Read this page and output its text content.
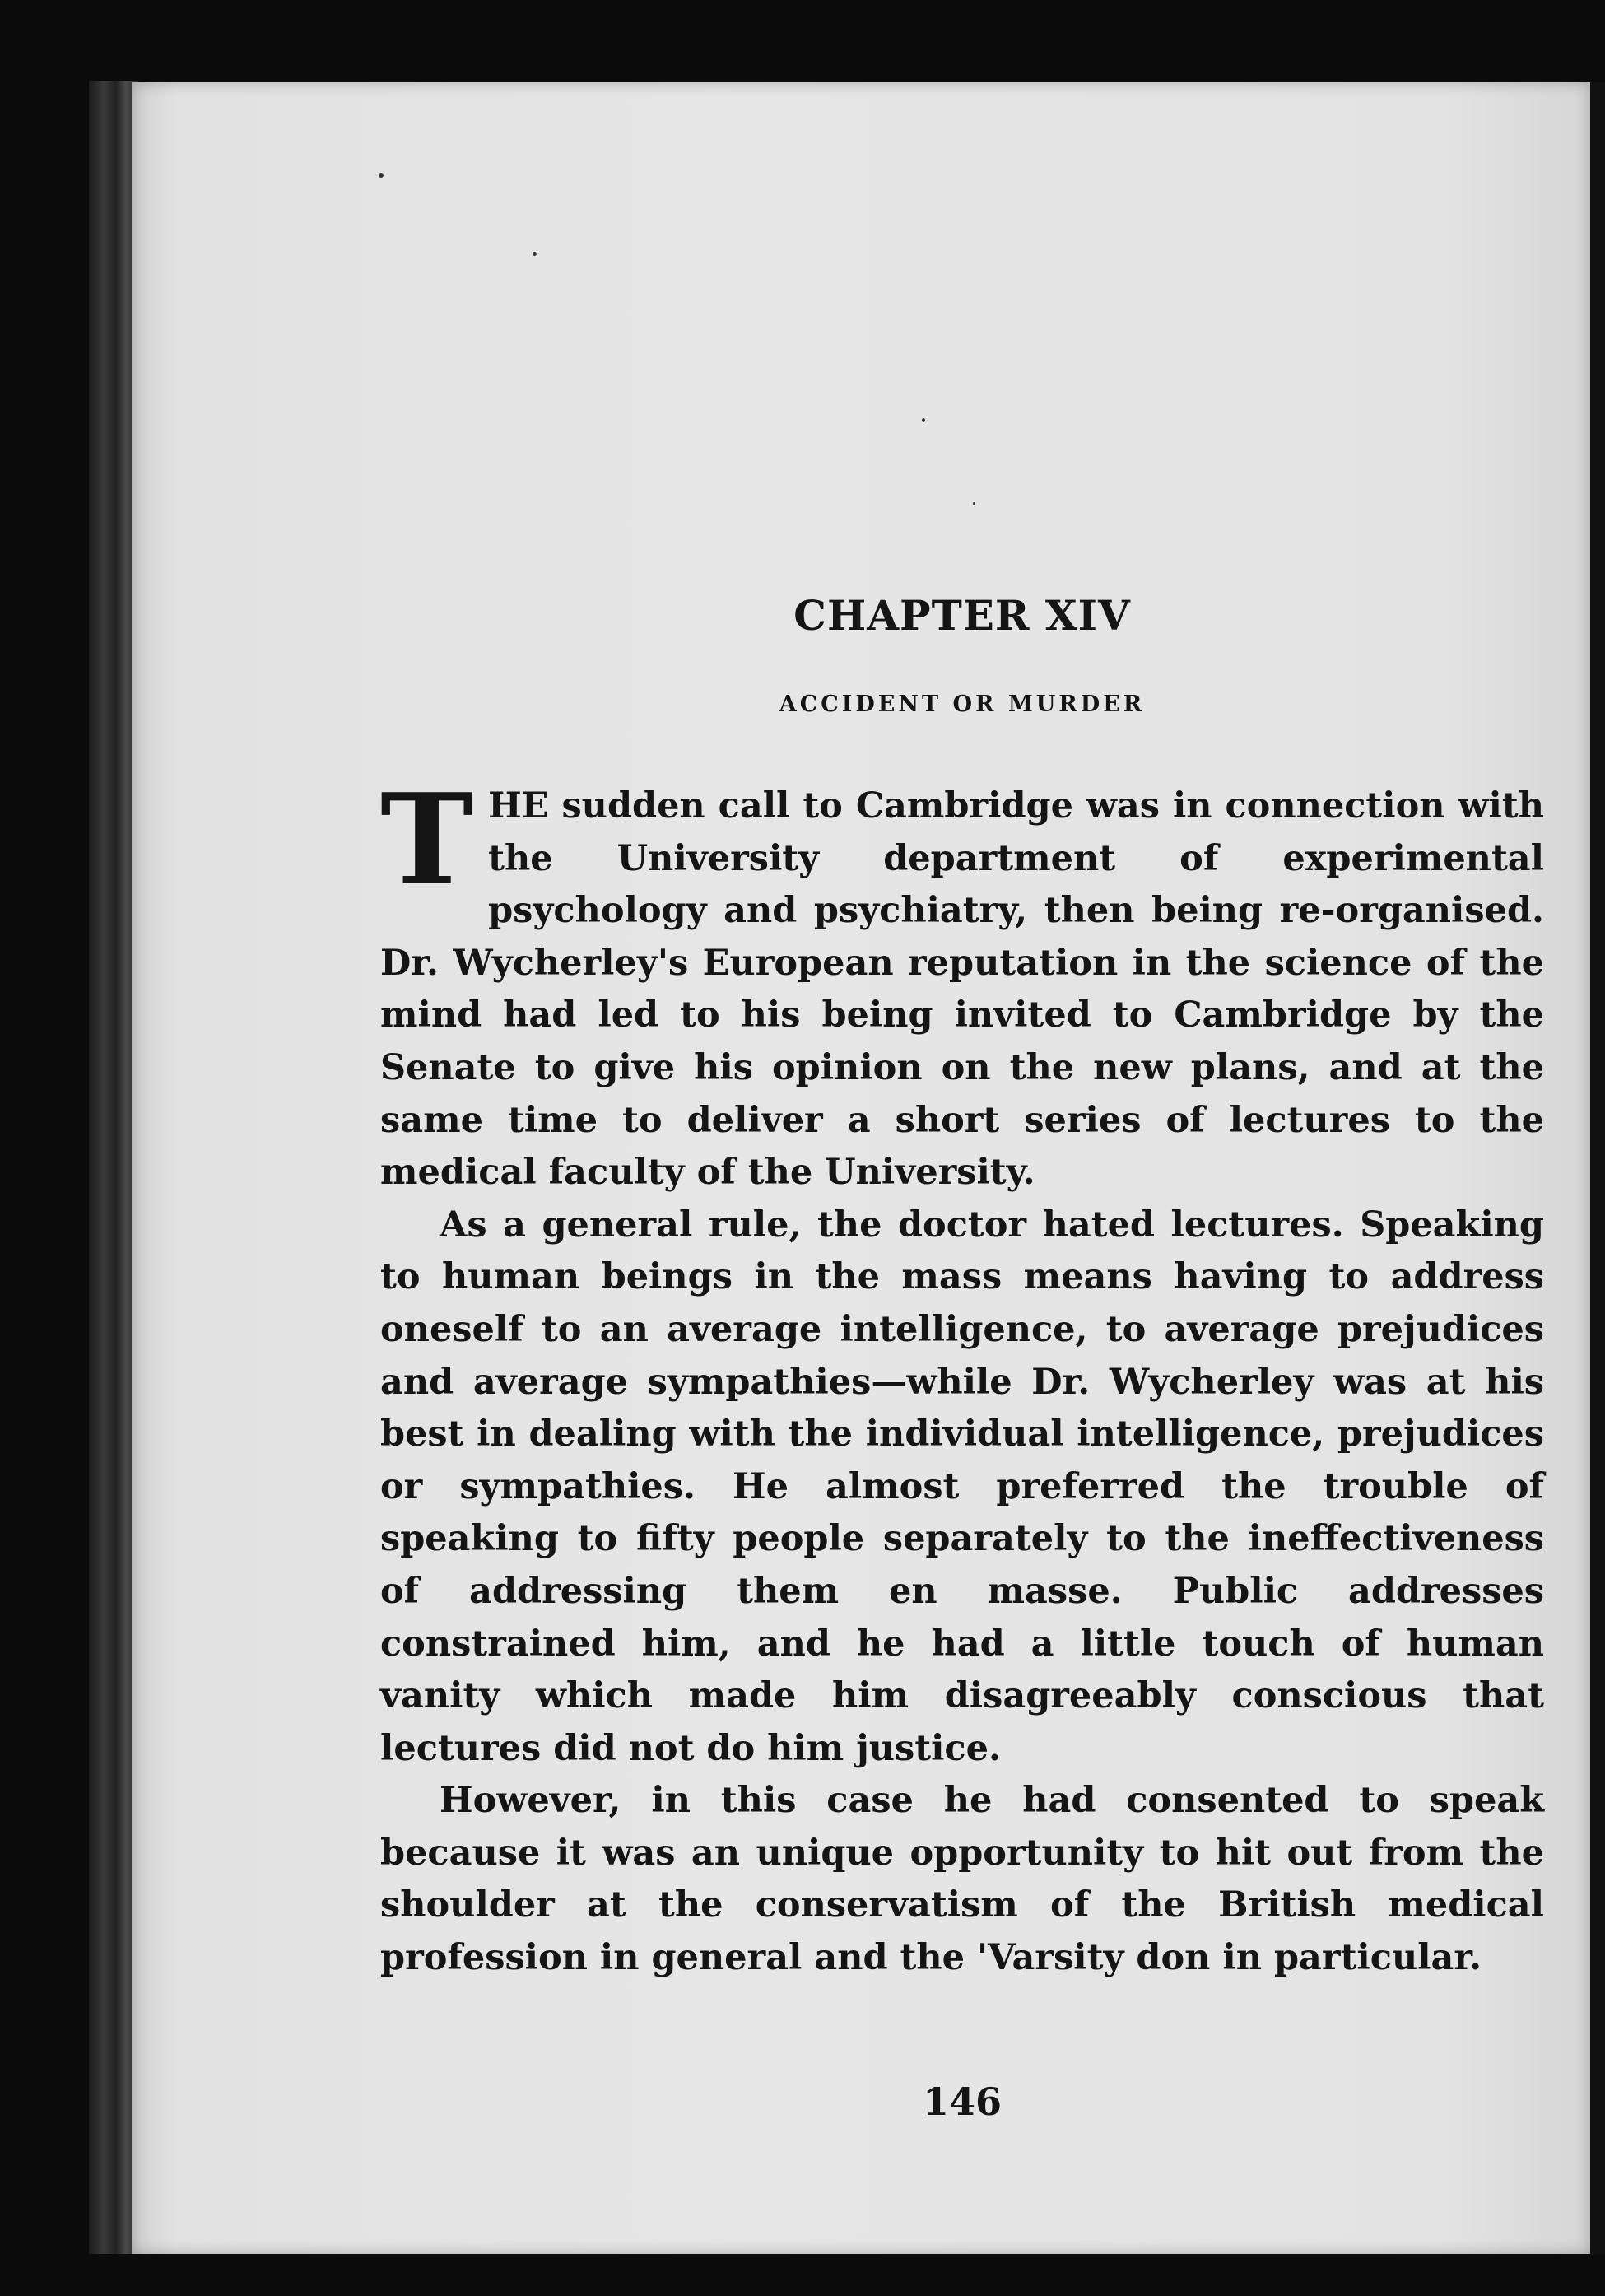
CHAPTER XIV
ACCIDENT OR MURDER

THE sudden call to Cambridge was in connection with the University department of experimental psychology and psychiatry, then being re-organised. Dr. Wycherley's European reputation in the science of the mind had led to his being invited to Cambridge by the Senate to give his opinion on the new plans, and at the same time to deliver a short series of lectures to the medical faculty of the University.

As a general rule, the doctor hated lectures. Speaking to human beings in the mass means having to address oneself to an average intelligence, to average prejudices and average sympathies—while Dr. Wycherley was at his best in dealing with the individual intelligence, prejudices or sympathies. He almost preferred the trouble of speaking to fifty people separately to the ineffectiveness of addressing them en masse. Public addresses constrained him, and he had a little touch of human vanity which made him disagreeably conscious that lectures did not do him justice.

However, in this case he had consented to speak because it was an unique opportunity to hit out from the shoulder at the conservatism of the British medical profession in general and the 'Varsity don in particular.

146
